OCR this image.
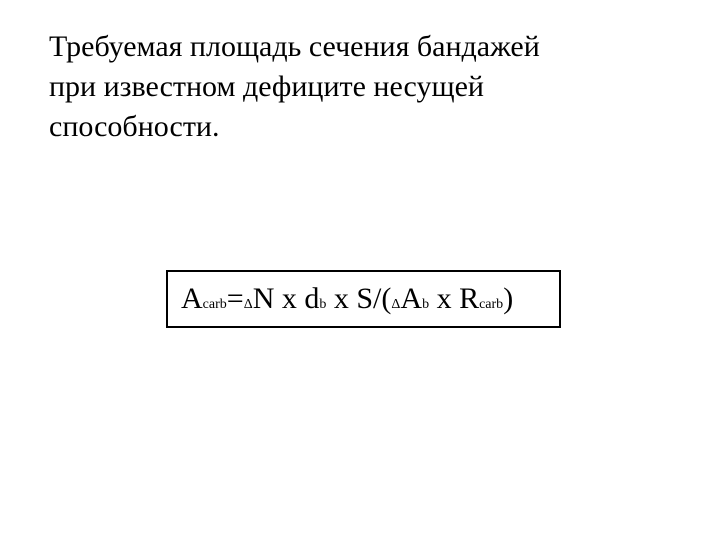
Требуемая площадь сечения бандажей
при известном дефиците несущей
способности.
Acarb=ΔN x db x S/(ΔAb x Rcarb)
